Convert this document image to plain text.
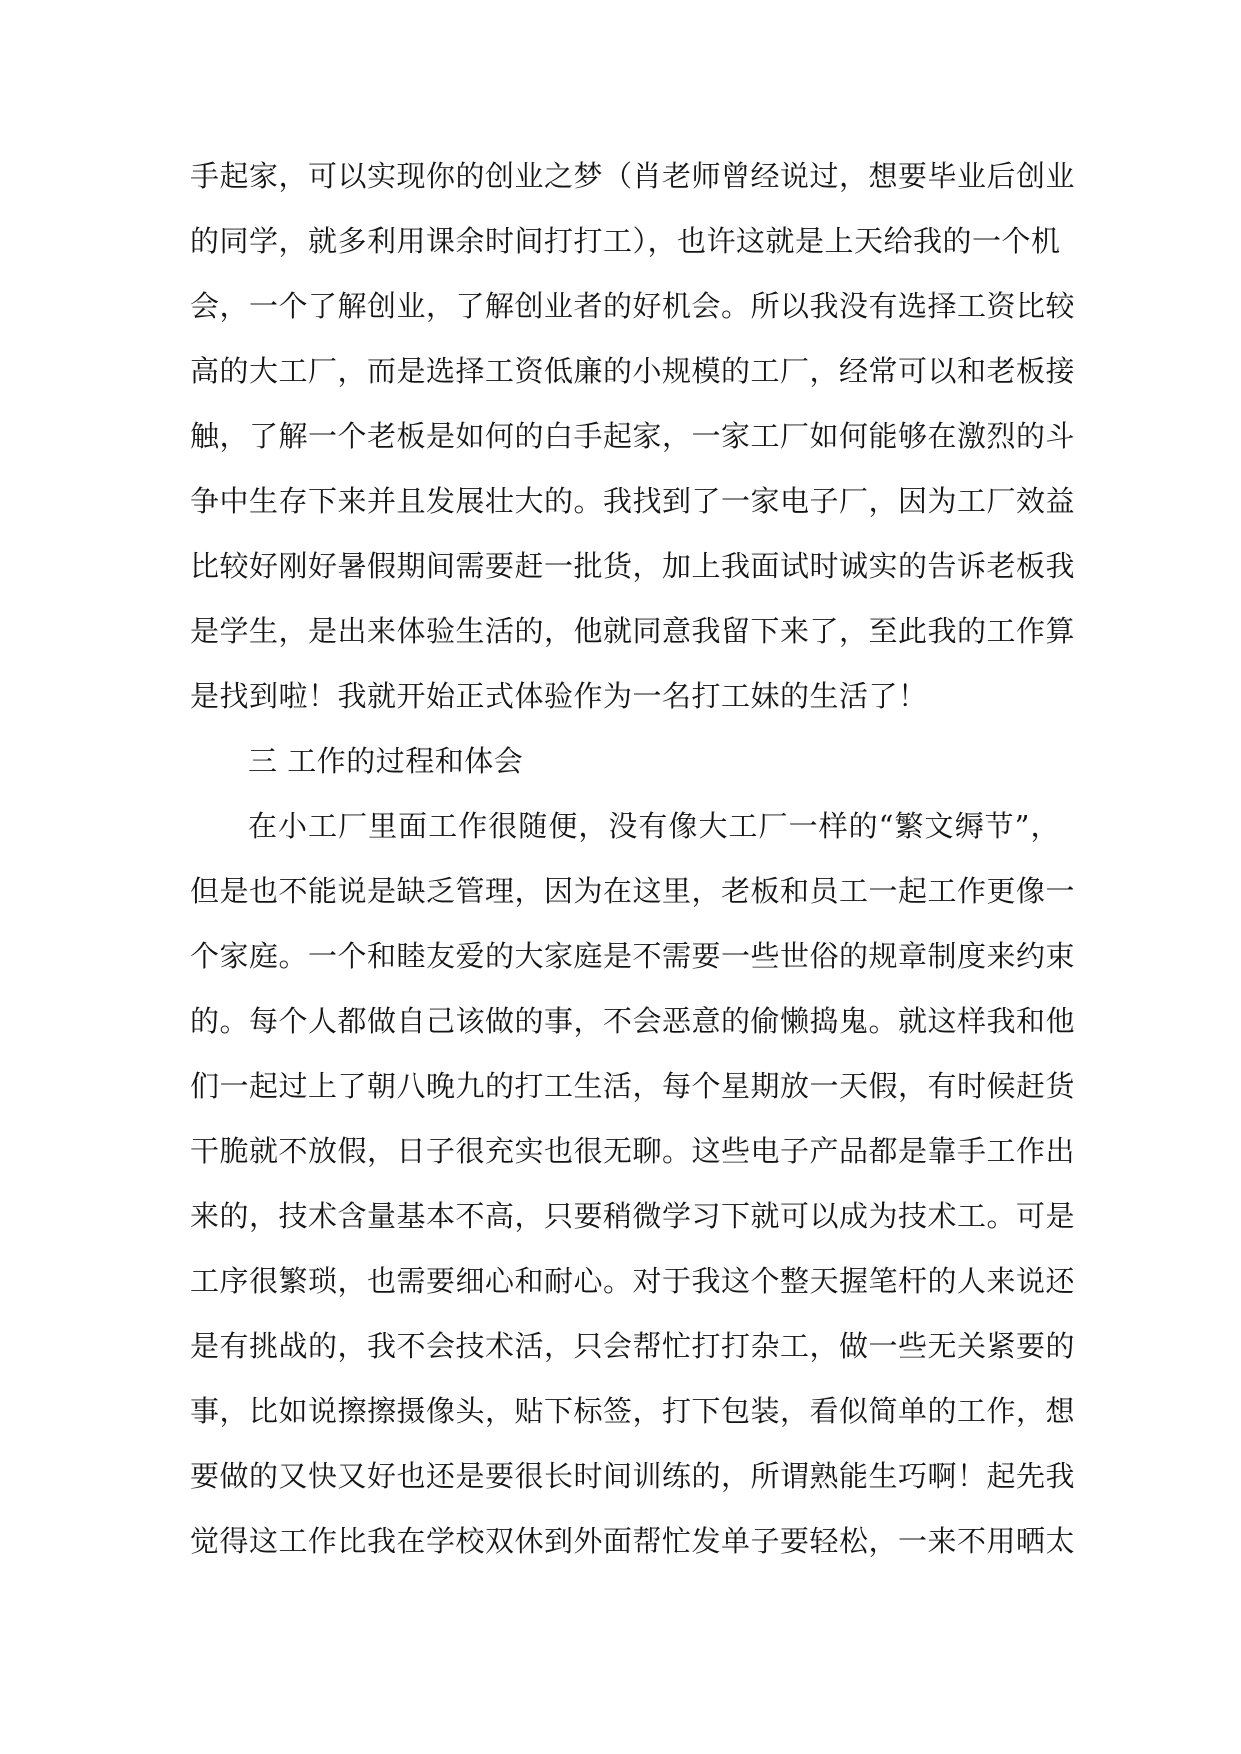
手起家，可以实现你的创业之梦（肖老师曾经说过，想要毕业后创业
的同学，就多利用课余时间打打工），也许这就是上天给我的一个机
会，一个了解创业，了解创业者的好机会。所以我没有选择工资比较
高的大工厂，而是选择工资低廉的小规模的工厂，经常可以和老板接
触，了解一个老板是如何的白手起家，一家工厂如何能够在激烈的斗
争中生存下来并且发展壮大的。我找到了一家电子厂，因为工厂效益
比较好刚好暑假期间需要赶一批货，加上我面试时诚实的告诉老板我
是学生，是出来体验生活的，他就同意我留下来了，至此我的工作算
是找到啦！我就开始正式体验作为一名打工妹的生活了！
三 工作的过程和体会
在小工厂里面工作很随便，没有像大工厂一样的“繁文缛节”，
但是也不能说是缺乏管理，因为在这里，老板和员工一起工作更像一
个家庭。一个和睦友爱的大家庭是不需要一些世俗的规章制度来约束
的。每个人都做自己该做的事，不会恶意的偷懒捣鬼。就这样我和他
们一起过上了朝八晚九的打工生活，每个星期放一天假，有时候赶货
干脆就不放假，日子很充实也很无聊。这些电子产品都是靠手工作出
来的，技术含量基本不高，只要稍微学习下就可以成为技术工。可是
工序很繁琐，也需要细心和耐心。对于我这个整天握笔杆的人来说还
是有挑战的，我不会技术活，只会帮忙打打杂工，做一些无关紧要的
事，比如说擦擦摄像头，贴下标签，打下包装，看似简单的工作，想
要做的又快又好也还是要很长时间训练的，所谓熟能生巧啊！起先我
觉得这工作比我在学校双休到外面帮忙发单子要轻松，一来不用晒太
